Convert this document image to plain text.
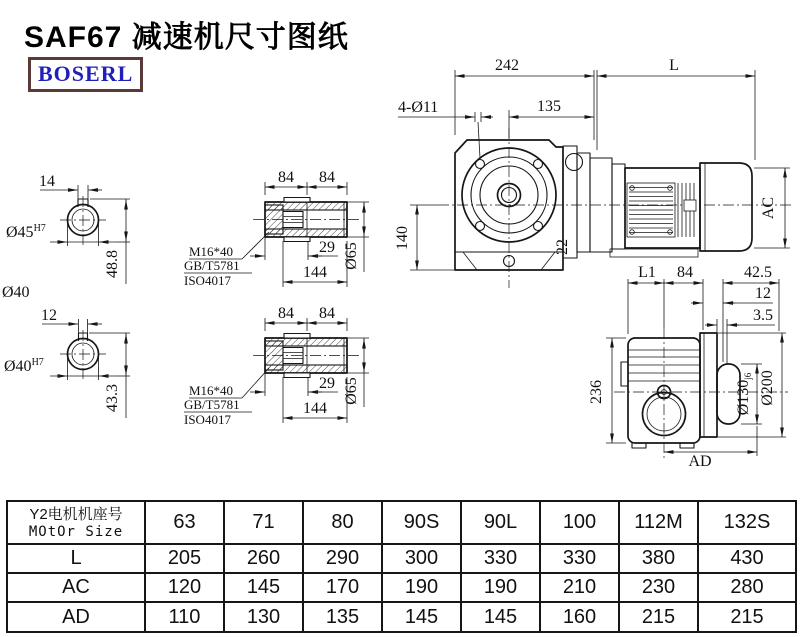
SAF67 减速机尺寸图纸
BOSERL
14
$Ø45^{H7}$
48.8
Ø40
12
$Ø40^{H7}$
43.3
84 84
29
144
Ø65
M16*40
GB/T5781
ISO4017
84 84
29
144
Ø65
M16*40
GB/T5781
ISO4017
242	L
135
4-Ø11
140
AC
22
L1 84	42.5
12
3.5
236	Ø130j6 Ø200
AD
Y2电机机座号
MOtOr Size	63	71	80	90S	90L	100	112M	132S
L	205	260	290	300	330	330	380	430
AC	120	145	170	190	190	210	230	280
AD	110	130	135	145	145	160	215	215
